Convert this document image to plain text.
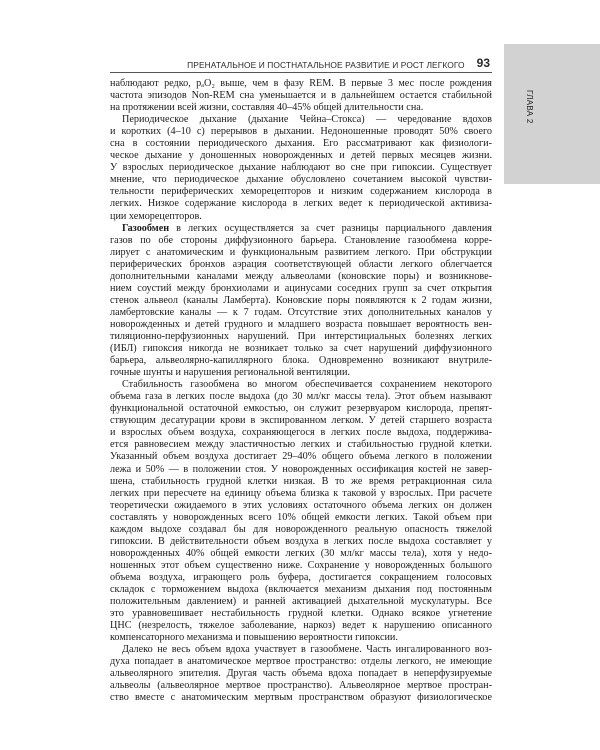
ГЛАВА 2
ПРЕНАТАЛЬНОЕ И ПОСТНАТАЛЬНОЕ РАЗВИТИЕ И РОСТ ЛЕГКОГО 93
наблюдают редко, pₐO₂ выше, чем в фазу REM. В первые 3 мес после рождения
частота эпизодов Non-REM сна уменьшается и в дальнейшем остается стабильной
на протяжении всей жизни, составляя 40–45% общей длительности сна.
Периодическое дыхание (дыхание Чейна–Стокса) — чередование вдохов
и коротких (4–10 с) перерывов в дыхании. Недоношенные проводят 50% своего
сна в состоянии периодического дыхания. Его рассматривают как физиологи-
ческое дыхание у доношенных новорожденных и детей первых месяцев жизни.
У взрослых периодическое дыхание наблюдают во сне при гипоксии. Существует
мнение, что периодическое дыхание обусловлено сочетанием высокой чувстви-
тельности периферических хеморецепторов и низким содержанием кислорода в
легких. Низкое содержание кислорода в легких ведет к периодической активиза-
ции хеморецепторов.
Газообмен в легких осуществляется за счет разницы парциального давления
газов по обе стороны диффузионного барьера. Становление газообмена корре-
лирует с анатомическим и функциональным развитием легкого. При обструкции
периферических бронхов аэрация соответствующей области легкого облегчается
дополнительными каналами между альвеолами (коновские поры) и возникнове-
нием соустий между бронхиолами и ацинусами соседних групп за счет открытия
стенок альвеол (каналы Ламберта). Коновские поры появляются к 2 годам жизни,
ламбертовские каналы — к 7 годам. Отсутствие этих дополнительных каналов у
новорожденных и детей грудного и младшего возраста повышает вероятность вен-
тиляционно-перфузионных нарушений. При интерстициальных болезнях легких
(ИБЛ) гипоксия никогда не возникает только за счет нарушений диффузионного
барьера, альвеолярно-капиллярного блока. Одновременно возникают внутриле-
гочные шунты и нарушения региональной вентиляции.
Стабильность газообмена во многом обеспечивается сохранением некоторого
объема газа в легких после выдоха (до 30 мл/кг массы тела). Этот объем называют
функциональной остаточной емкостью, он служит резервуаром кислорода, препят-
ствующим десатурации крови в экспированном легком. У детей старшего возраста
и взрослых объем воздуха, сохраняющегося в легких после выдоха, поддержива-
ется равновесием между эластичностью легких и стабильностью грудной клетки.
Указанный объем воздуха достигает 29–40% общего объема легкого в положении
лежа и 50% — в положении стоя. У новорожденных оссификация костей не завер-
шена, стабильность грудной клетки низкая. В то же время ретракционная сила
легких при пересчете на единицу объема близка к таковой у взрослых. При расчете
теоретически ожидаемого в этих условиях остаточного объема легких он должен
составлять у новорожденных всего 10% общей емкости легких. Такой объем при
каждом выдохе создавал бы для новорожденного реальную опасность тяжелой
гипоксии. В действительности объем воздуха в легких после выдоха составляет у
новорожденных 40% общей емкости легких (30 мл/кг массы тела), хотя у недо-
ношенных этот объем существенно ниже. Сохранение у новорожденных большого
объема воздуха, играющего роль буфера, достигается сокращением голосовых
складок с торможением выдоха (включается механизм дыхания под постоянным
положительным давлением) и ранней активацией дыхательной мускулатуры. Все
это уравновешивает нестабильность грудной клетки. Однако всякое угнетение
ЦНС (незрелость, тяжелое заболевание, наркоз) ведет к нарушению описанного
компенсаторного механизма и повышению вероятности гипоксии.
Далеко не весь объем вдоха участвует в газообмене. Часть ингалированного воз-
духа попадает в анатомическое мертвое пространство: отделы легкого, не имеющие
альвеолярного эпителия. Другая часть объема вдоха попадает в неперфузируемые
альвеолы (альвеолярное мертвое пространство). Альвеолярное мертвое простран-
ство вместе с анатомическим мертвым пространством образуют физиологическое
